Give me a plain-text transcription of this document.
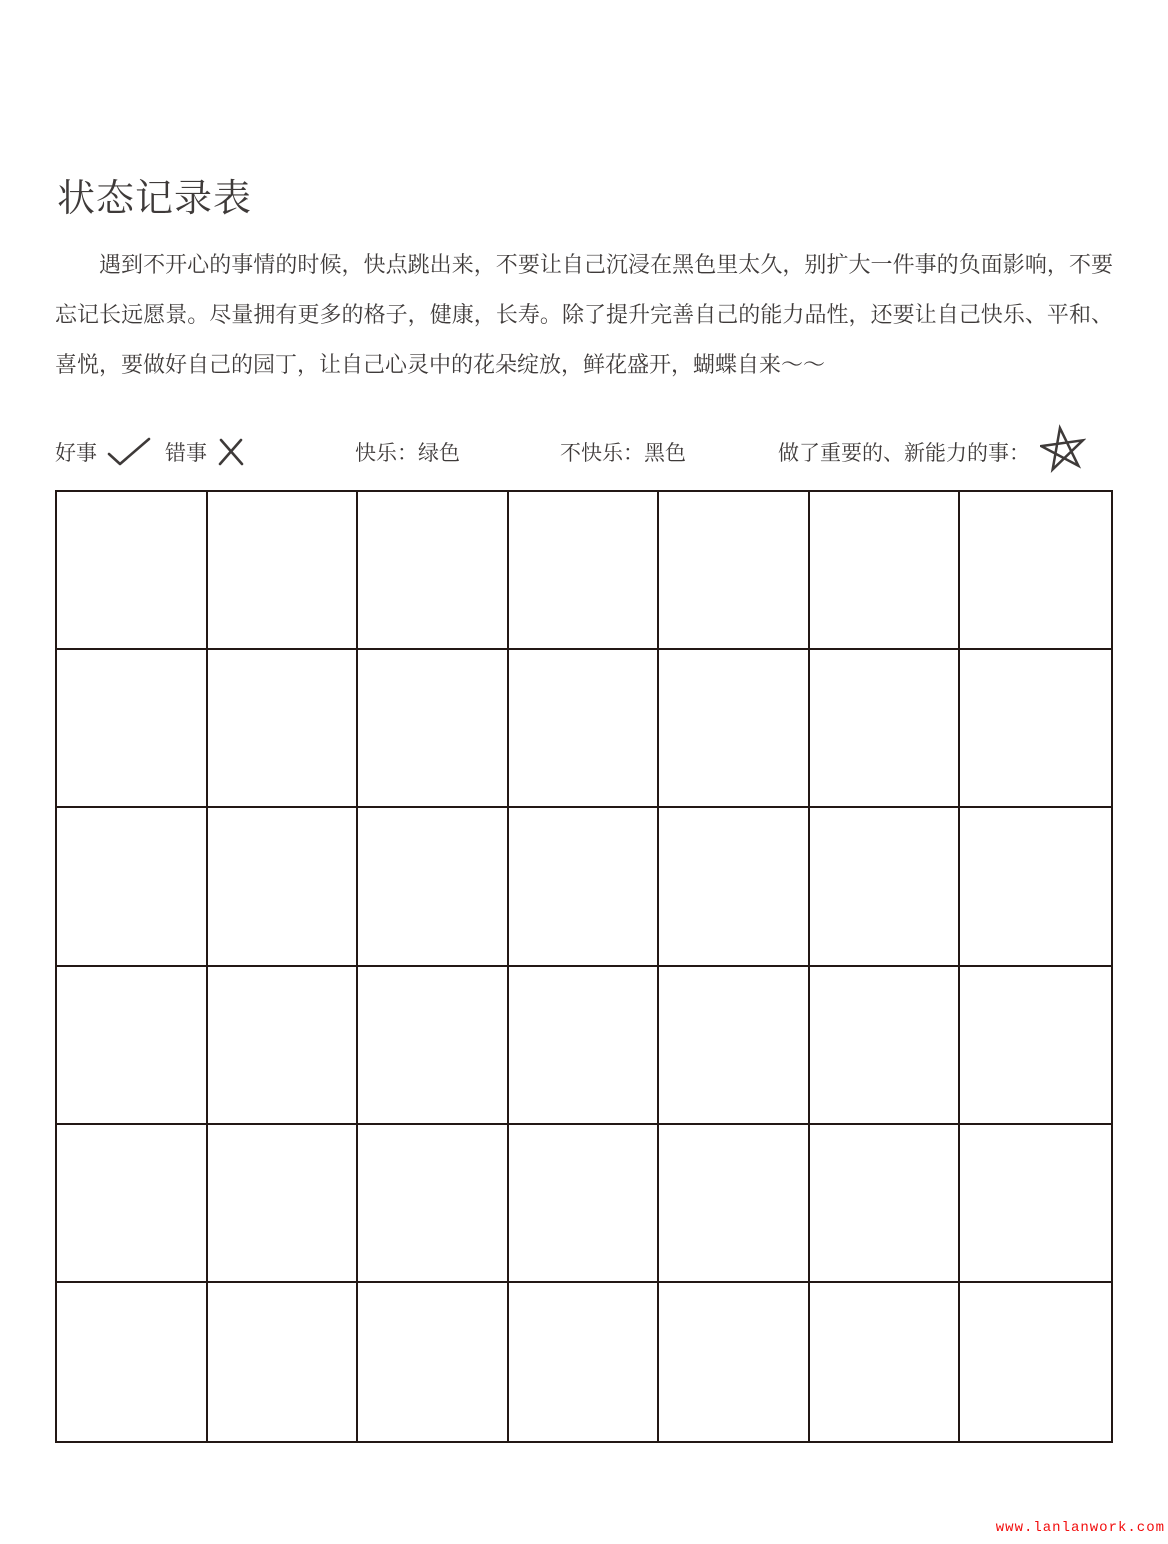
状态记录表

遇到不开心的事情的时候，快点跳出来，不要让自己沉浸在黑色里太久，别扩大一件事的负面影响，不要忘记长远愿景。尽量拥有更多的格子，健康，长寿。除了提升完善自己的能力品性，还要让自己快乐、平和、喜悦，要做好自己的园丁，让自己心灵中的花朵绽放，鲜花盛开，蝴蝶自来～～

好事	错事	快乐：绿色	不快乐：黑色	做了重要的、新能力的事：
www.lanlanwork.com
